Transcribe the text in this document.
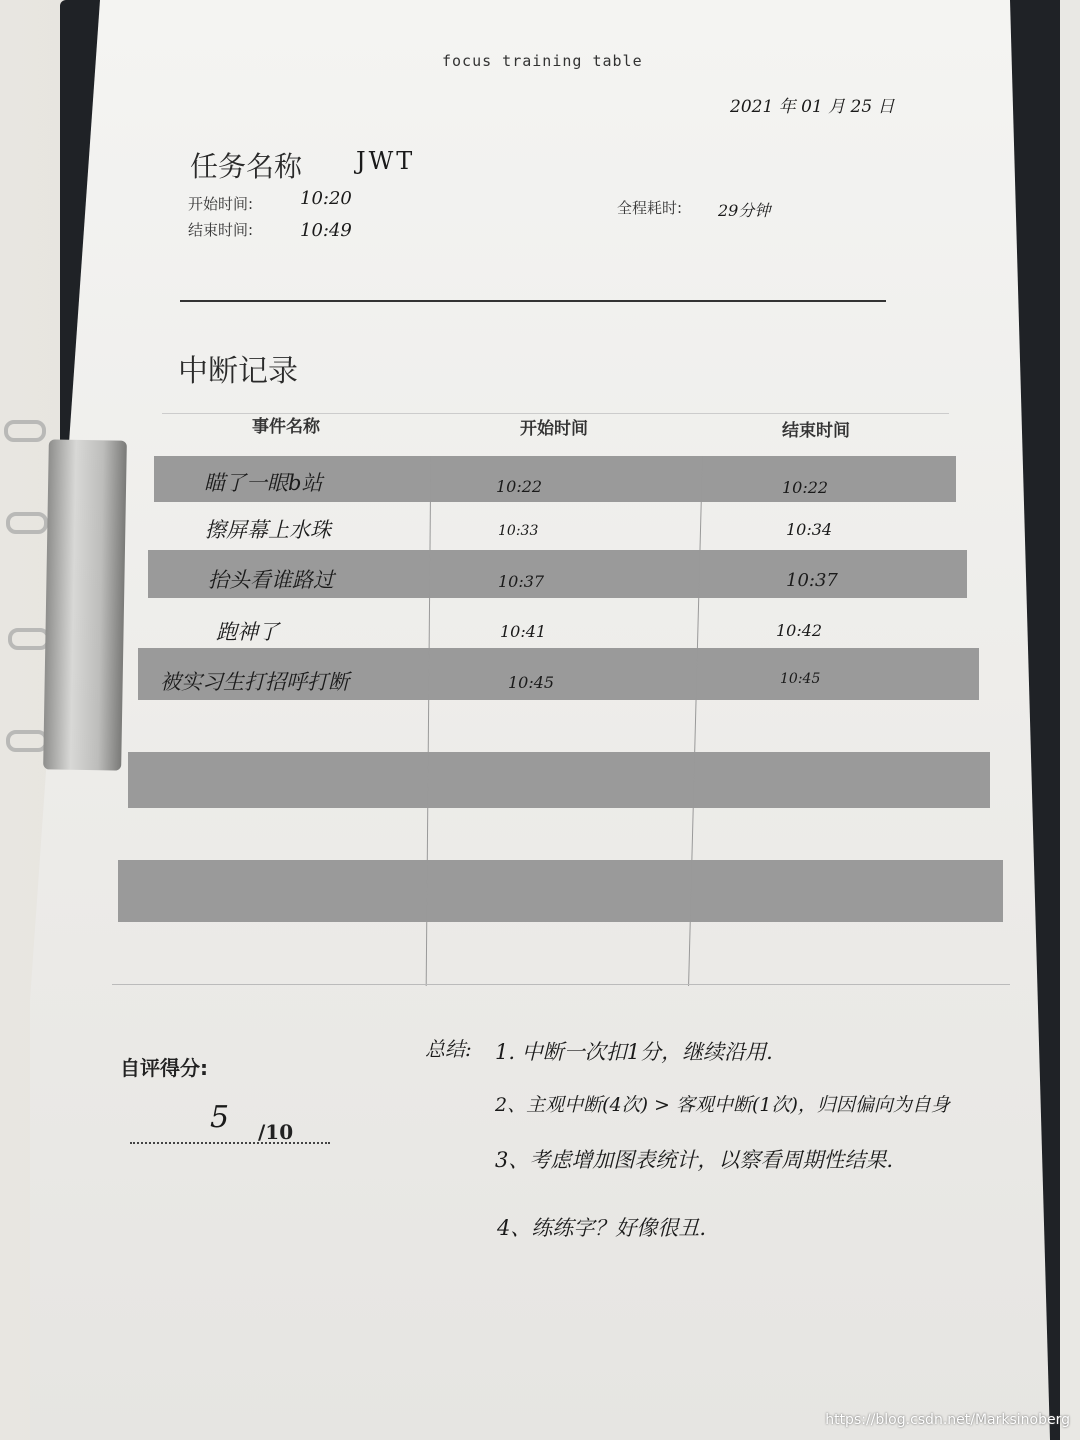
focus training table
2021 年 01 月 25 日
任务名称 JWT
开始时间:	10:20
结束时间:	10:49
全程耗时: 29分钟
中断记录
事件名称	开始时间	结束时间
瞄了一眼b站	10:22	10:22
擦屏幕上水珠	10:33	10:34
抬头看谁路过	10:37	10:37
跑神了	10:41	10:42
被实习生打招呼打断	10:45	10:45
自评得分:
5 /10
总结: 1. 中断一次扣1分，继续沿用.
2、主观中断(4次) > 客观中断(1次)，归因偏向为自身
3、考虑增加图表统计，以察看周期性结果.
4、练练字？好像很丑.
https://blog.csdn.net/Marksinoberg
